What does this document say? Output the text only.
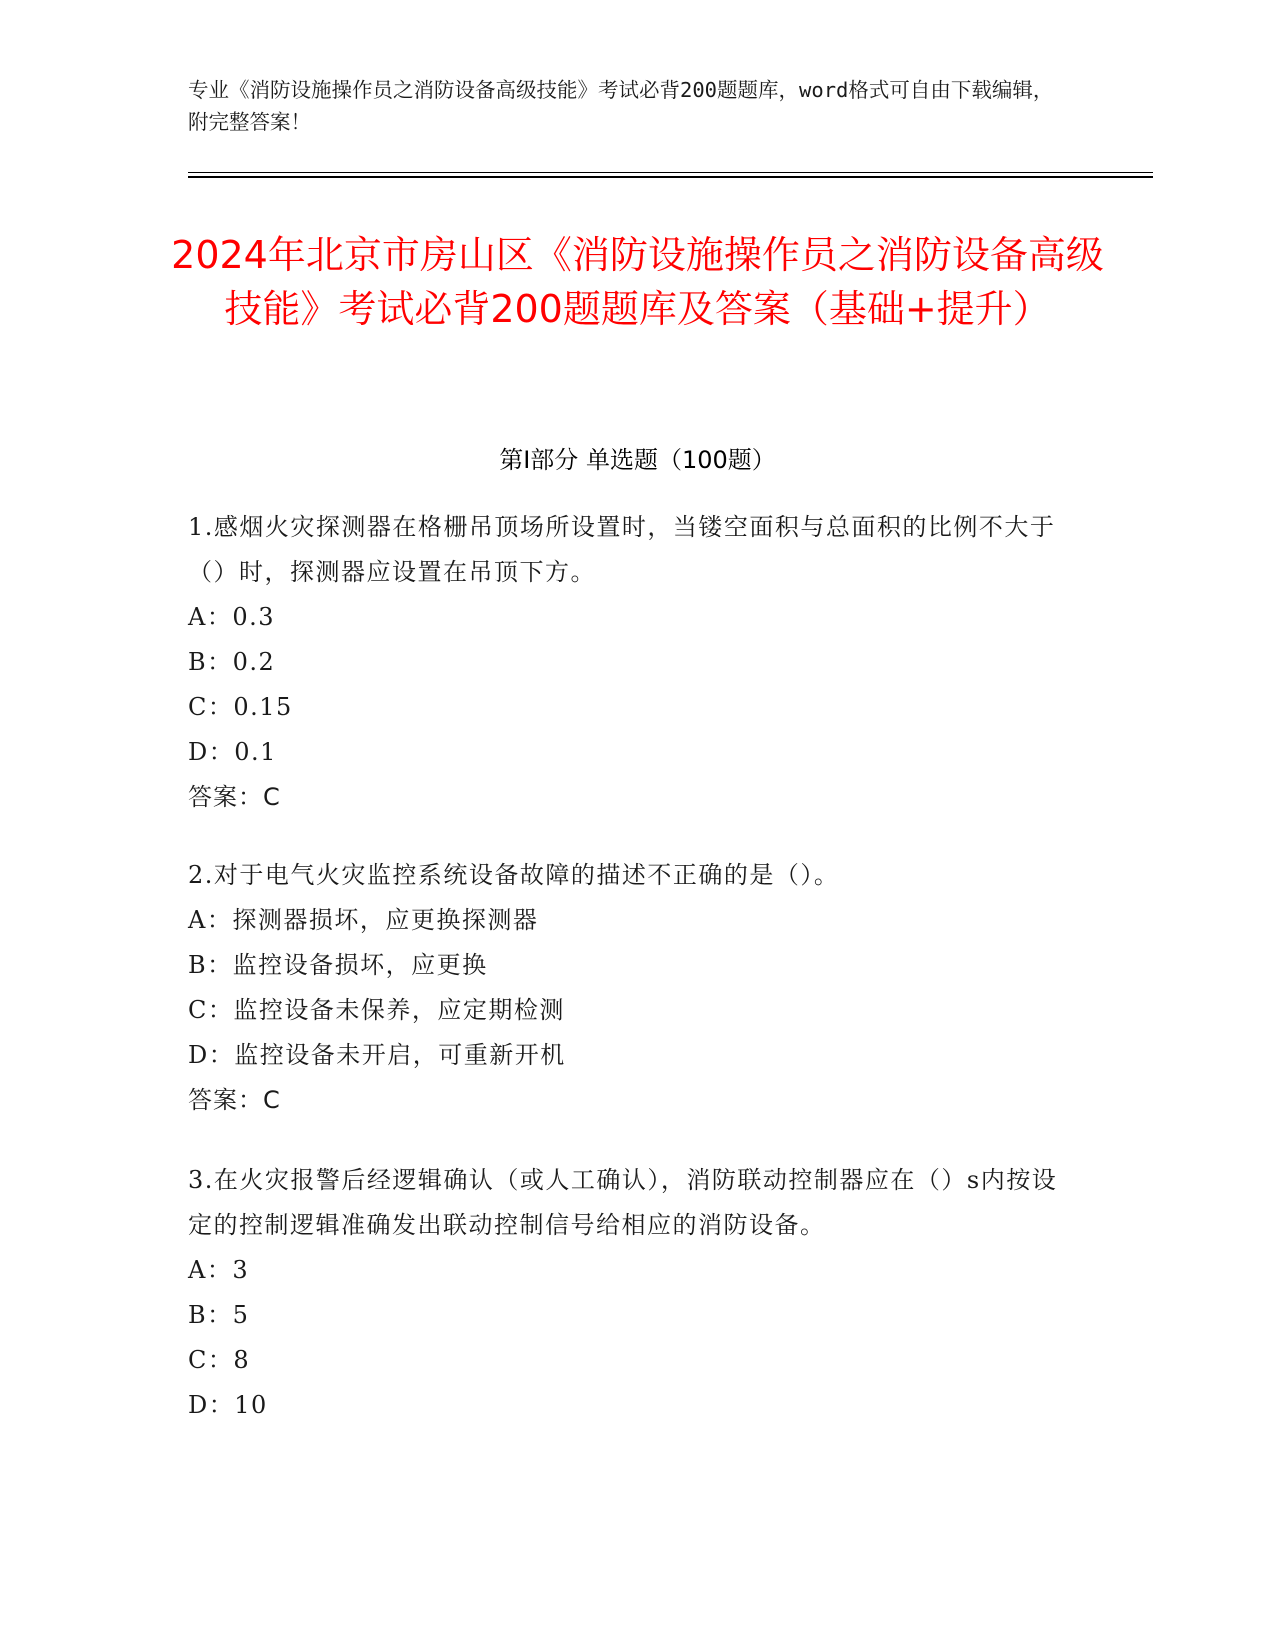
专业《消防设施操作员之消防设备高级技能》考试必背200题题库，word格式可自由下载编辑，附完整答案！
2024年北京市房山区《消防设施操作员之消防设备高级技能》考试必背200题题库及答案（基础+提升）
第I部分 单选题（100题）
1.感烟火灾探测器在格栅吊顶场所设置时，当镂空面积与总面积的比例不大于（）时，探测器应设置在吊顶下方。
A：0.3
B：0.2
C：0.15
D：0.1
答案：C
2.对于电气火灾监控系统设备故障的描述不正确的是（）。
A：探测器损坏，应更换探测器
B：监控设备损坏，应更换
C：监控设备未保养，应定期检测
D：监控设备未开启，可重新开机
答案：C
3.在火灾报警后经逻辑确认（或人工确认），消防联动控制器应在（）s内按设定的控制逻辑准确发出联动控制信号给相应的消防设备。
A：3
B：5
C：8
D：10
